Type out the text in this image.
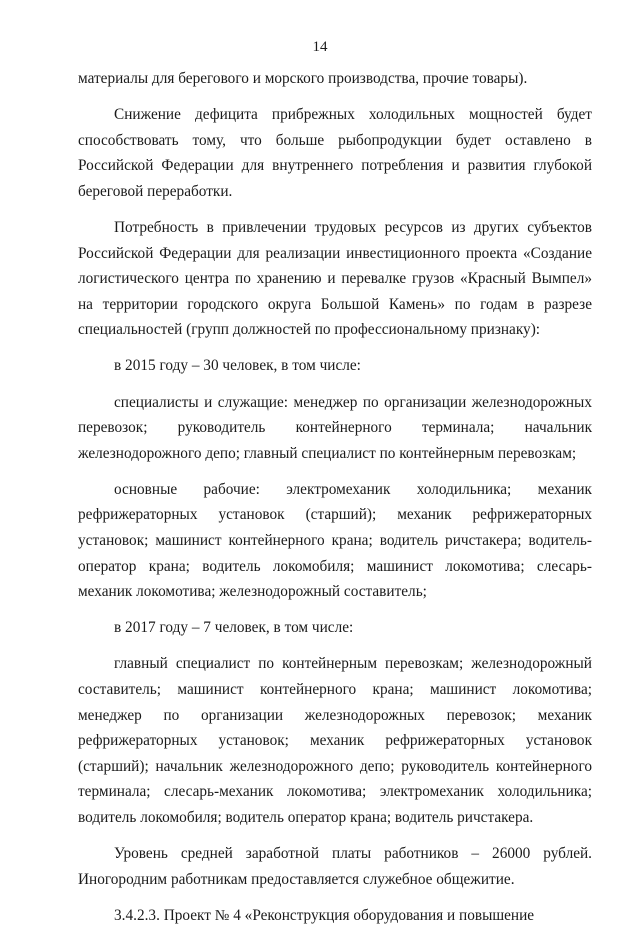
14

материалы для берегового и морского производства, прочие товары).

Снижение дефицита прибрежных холодильных мощностей будет способствовать тому, что больше рыбопродукции будет оставлено в Российской Федерации для внутреннего потребления и развития глубокой береговой переработки.

Потребность в привлечении трудовых ресурсов из других субъектов Российской Федерации для реализации инвестиционного проекта «Создание логистического центра по хранению и перевалке грузов «Красный Вымпел» на территории городского округа Большой Камень» по годам в разрезе специальностей (групп должностей по профессиональному признаку):

в 2015 году – 30 человек, в том числе:

специалисты и служащие: менеджер по организации железнодорожных перевозок; руководитель контейнерного терминала; начальник железнодорожного депо; главный специалист по контейнерным перевозкам;

основные рабочие: электромеханик холодильника; механик рефрижераторных установок (старший); механик рефрижераторных установок; машинист контейнерного крана; водитель ричстакера; водитель-оператор крана; водитель локомобиля; машинист локомотива; слесарь-механик локомотива; железнодорожный составитель;

в 2017 году – 7 человек, в том числе:

главный специалист по контейнерным перевозкам; железнодорожный составитель; машинист контейнерного крана; машинист локомотива; менеджер по организации железнодорожных перевозок; механик рефрижераторных установок; механик рефрижераторных установок (старший); начальник железнодорожного депо; руководитель контейнерного терминала; слесарь-механик локомотива; электромеханик холодильника; водитель локомобиля; водитель оператор крана; водитель ричстакера.

Уровень средней заработной платы работников – 26000 рублей. Иногородним работникам предоставляется служебное общежитие.

3.4.2.3. Проект № 4 «Реконструкция оборудования и повышение
